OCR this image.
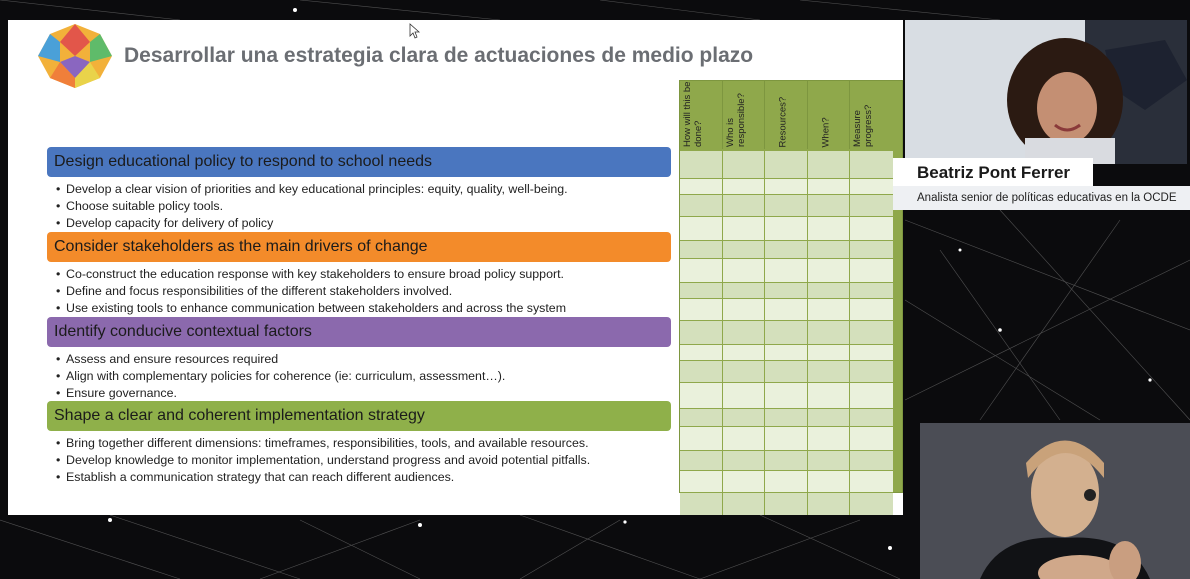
Desarrollar una estrategia clara de actuaciones de medio plazo
Design educational policy to respond to school needs
• Develop a clear vision of priorities and key educational principles: equity, quality, well-being.
• Choose suitable policy tools.
• Develop capacity for delivery of policy
Consider stakeholders as the main drivers of change
• Co-construct the education response with key stakeholders to ensure broad policy support.
• Define and focus responsibilities of the different stakeholders involved.
• Use existing tools to enhance communication between stakeholders and across the system
Identify conducive contextual factors
• Assess and ensure resources required
• Align with complementary policies for coherence (ie: curriculum, assessment…).
• Ensure governance.
Shape a clear and coherent implementation strategy
• Bring together different dimensions: timeframes, responsibilities, tools, and available resources.
• Develop knowledge to monitor implementation, understand progress and avoid potential pitfalls.
• Establish a communication strategy that can reach different audiences.
How will this be done? Who is responsible?	Resources?	When? Measure progress?
Beatriz Pont Ferrer
Analista senior de políticas educativas en la OCDE
